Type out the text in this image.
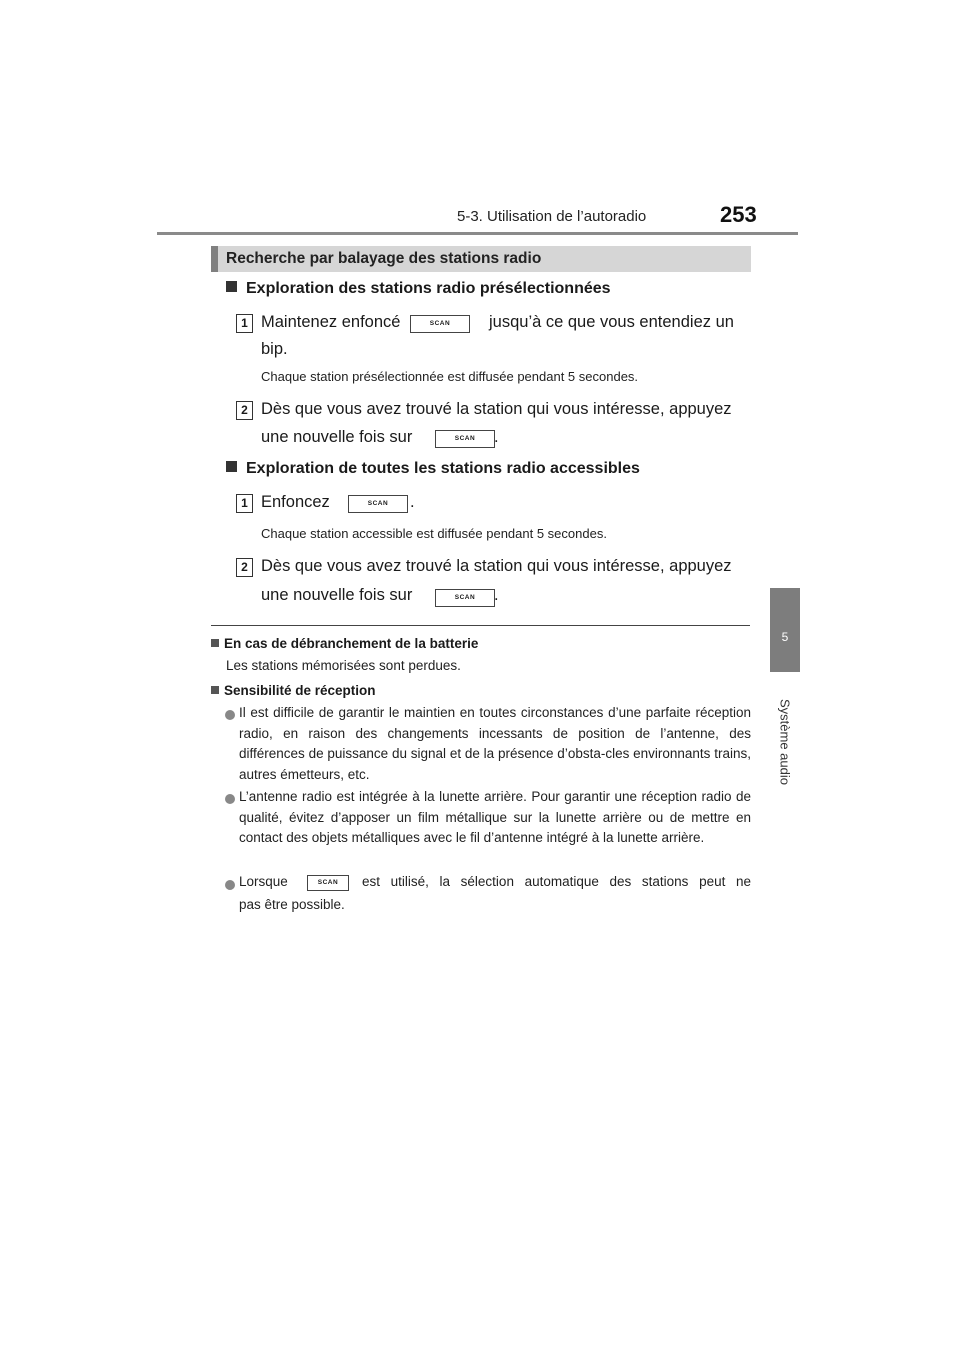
5-3. Utilisation de l’autoradio	253
5
Système audio
Recherche par balayage des stations radio
Exploration des stations radio présélectionnées
1 Maintenez enfoncé	SCAN	jusqu’à ce que vous entendiez un
bip.
Chaque station présélectionnée est diffusée pendant 5 secondes.
2 Dès que vous avez trouvé la station qui vous intéresse, appuyez
une nouvelle fois sur	SCAN	.
Exploration de toutes les stations radio accessibles
1 Enfoncez	SCAN	.
Chaque station accessible est diffusée pendant 5 secondes.
2 Dès que vous avez trouvé la station qui vous intéresse, appuyez
une nouvelle fois sur	SCAN	.
En cas de débranchement de la batterie
Les stations mémorisées sont perdues.
Sensibilité de réception
Il est difficile de garantir le maintien en toutes circonstances d’une parfaite réception radio, en raison des changements incessants de position de l’antenne, des différences de puissance du signal et de la présence d’obsta-cles environnants trains, autres émetteurs, etc.
L’antenne radio est intégrée à la lunette arrière. Pour garantir une réception radio de qualité, évitez d’apposer un film métallique sur la lunette arrière ou de mettre en contact des objets métalliques avec le fil d’antenne intégré à la lunette arrière.
Lorsque	SCAN	est utilisé, la sélection automatique des stations peut ne
pas être possible.
